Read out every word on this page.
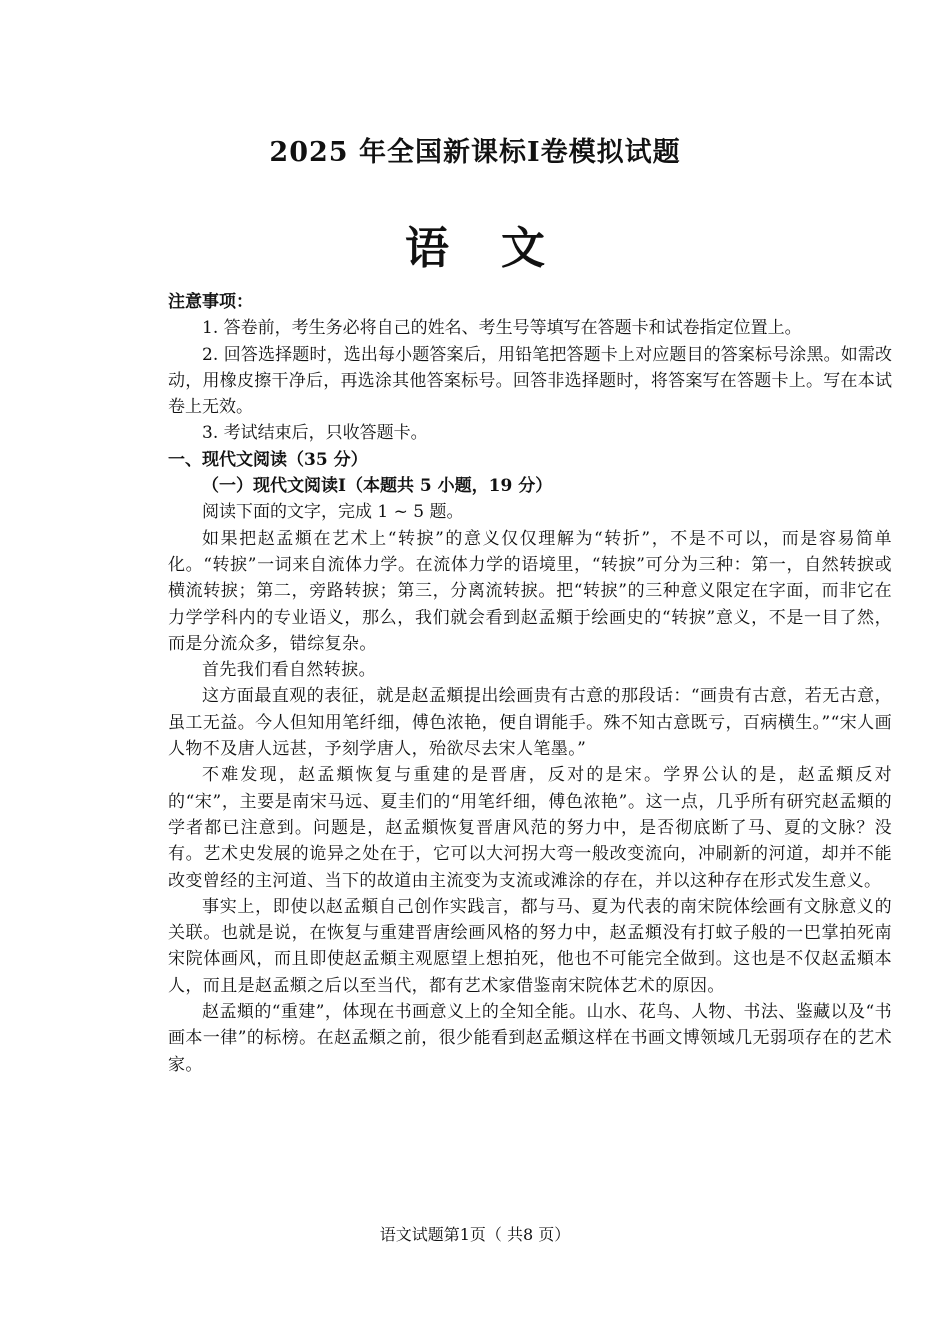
2025 年全国新课标Ⅰ卷模拟试题
语文

注意事项：

1. 答卷前，考生务必将自己的姓名、考生号等填写在答题卡和试卷指定位置上。

2. 回答选择题时，选出每小题答案后，用铅笔把答题卡上对应题目的答案标号涂黑。如需改动，用橡皮擦干净后，再选涂其他答案标号。回答非选择题时，将答案写在答题卡上。写在本试卷上无效。

3. 考试结束后，只收答题卡。

一、现代文阅读（35 分）

（一）现代文阅读Ⅰ（本题共 5 小题，19 分）

阅读下面的文字，完成 1 ~ 5 题。

如果把赵孟頫在艺术上“转捩”的意义仅仅理解为“转折”，不是不可以，而是容易简单化。“转捩”一词来自流体力学。在流体力学的语境里，“转捩”可分为三种：第一，自然转捩或横流转捩；第二，旁路转捩；第三，分离流转捩。把“转捩”的三种意义限定在字面，而非它在力学学科内的专业语义，那么，我们就会看到赵孟頫于绘画史的“转捩”意义，不是一目了然，而是分流众多，错综复杂。

首先我们看自然转捩。

这方面最直观的表征，就是赵孟頫提出绘画贵有古意的那段话：“画贵有古意，若无古意，虽工无益。今人但知用笔纤细，傅色浓艳，便自谓能手。殊不知古意既亏，百病横生。”“宋人画人物不及唐人远甚，予刻学唐人，殆欲尽去宋人笔墨。”

不难发现，赵孟頫恢复与重建的是晋唐，反对的是宋。学界公认的是，赵孟頫反对的“宋”，主要是南宋马远、夏圭们的“用笔纤细，傅色浓艳”。这一点，几乎所有研究赵孟頫的学者都已注意到。问题是，赵孟頫恢复晋唐风范的努力中，是否彻底断了马、夏的文脉？没有。艺术史发展的诡异之处在于，它可以大河拐大弯一般改变流向，冲刷新的河道，却并不能改变曾经的主河道、当下的故道由主流变为支流或滩涂的存在，并以这种存在形式发生意义。

事实上，即使以赵孟頫自己创作实践言，都与马、夏为代表的南宋院体绘画有文脉意义的关联。也就是说，在恢复与重建晋唐绘画风格的努力中，赵孟頫没有打蚊子般的一巴掌拍死南宋院体画风，而且即使赵孟頫主观愿望上想拍死，他也不可能完全做到。这也是不仅赵孟頫本人，而且是赵孟頫之后以至当代，都有艺术家借鉴南宋院体艺术的原因。

赵孟頫的“重建”，体现在书画意义上的全知全能。山水、花鸟、人物、书法、鉴藏以及“书画本一律”的标榜。在赵孟頫之前，很少能看到赵孟頫这样在书画文博领域几无弱项存在的艺术家。

语文试题第1页（ 共8 页）
